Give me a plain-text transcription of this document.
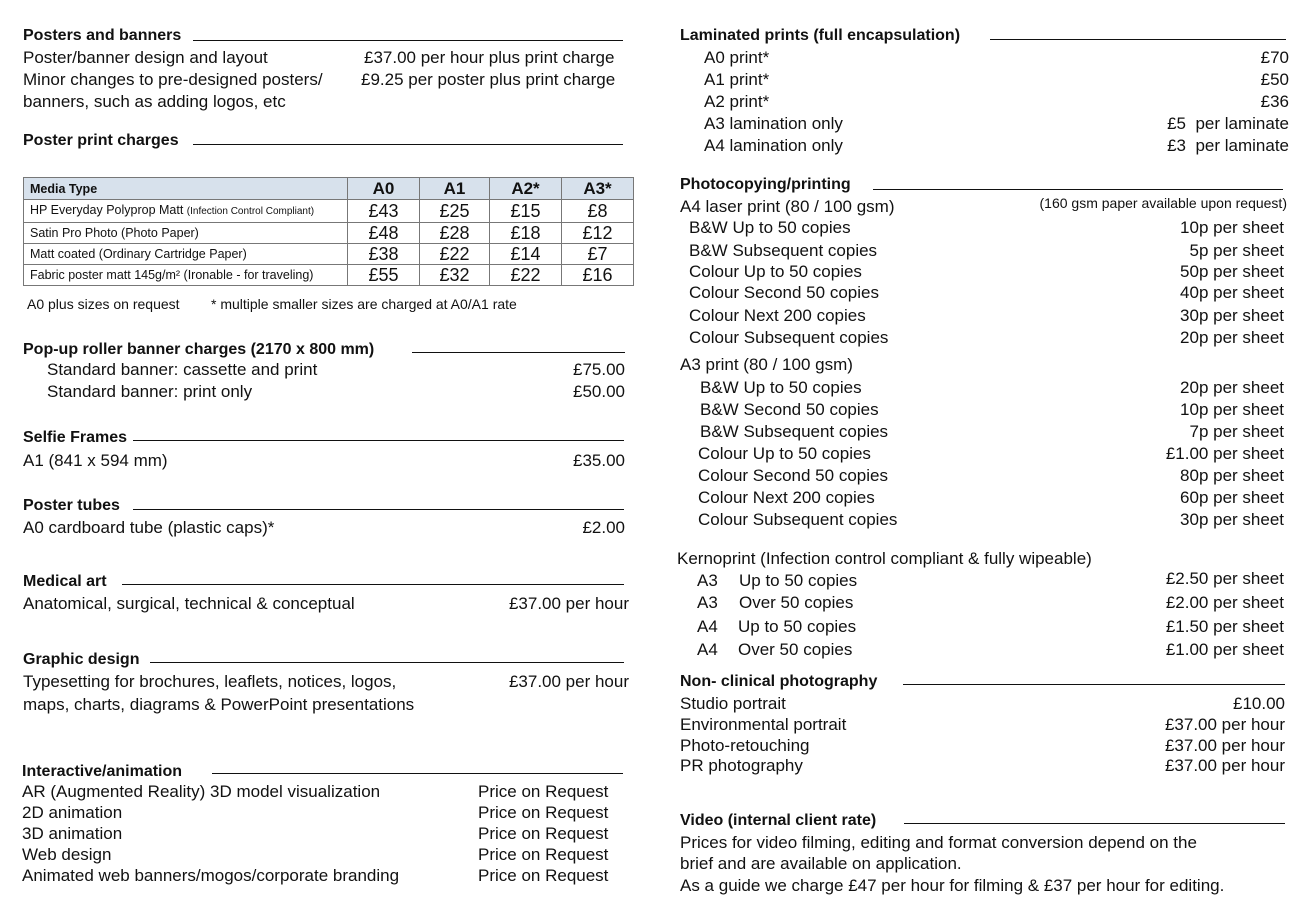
Posters and banners
Poster/banner design and layout	£37.00 per hour plus print charge
Minor changes to pre-designed posters/ £9.25 per poster plus print charge
banners, such as adding logos, etc
Poster print charges
Media Type	A0	A1	A2*	A3*
HP Everyday Polyprop Matt (Infection Control Compliant)	£43	£25	£15	£8
Satin Pro Photo (Photo Paper)	£48	£28	£18	£12
Matt coated (Ordinary Cartridge Paper)	£38	£22	£14	£7
Fabric poster matt 145g/m² (Ironable - for traveling)	£55	£32	£22	£16
A0 plus sizes on request * multiple smaller sizes are charged at A0/A1 rate
Pop-up roller banner charges (2170 x 800 mm)
Standard banner: cassette and print	£75.00
Standard banner: print only	£50.00
Selfie Frames
A1 (841 x 594 mm)	£35.00
Poster tubes
A0 cardboard tube (plastic caps)*	£2.00
Medical art
Anatomical, surgical, technical & conceptual	£37.00 per hour
Graphic design
Typesetting for brochures, leaflets, notices, logos,	£37.00 per hour
maps, charts, diagrams & PowerPoint presentations
Interactive/animation
AR (Augmented Reality) 3D model visualization	Price on Request
2D animation	Price on Request
3D animation	Price on Request
Web design	Price on Request
Animated web banners/mogos/corporate branding	Price on Request
Laminated prints (full encapsulation)
A0 print*	£70
A1 print*	£50
A2 print*	£36
A3 lamination only	£5  per laminate
A4 lamination only	£3  per laminate
Photocopying/printing
A4 laser print (80 / 100 gsm)	(160 gsm paper available upon request)
B&W Up to 50 copies	10p per sheet
B&W Subsequent copies	5p per sheet
Colour Up to 50 copies	50p per sheet
Colour Second 50 copies	40p per sheet
Colour Next 200 copies	30p per sheet
Colour Subsequent copies	20p per sheet
A3 print (80 / 100 gsm)
B&W Up to 50 copies	20p per sheet
B&W Second 50 copies	10p per sheet
B&W Subsequent copies	7p per sheet
Colour Up to 50 copies	£1.00 per sheet
Colour Second 50 copies	80p per sheet
Colour Next 200 copies	60p per sheet
Colour Subsequent copies	30p per sheet
Kernoprint (Infection control compliant & fully wipeable)
A3 Up to 50 copies	£2.50 per sheet
A3 Over 50 copies	£2.00 per sheet
A4 Up to 50 copies	£1.50 per sheet
A4 Over 50 copies	£1.00 per sheet
Non- clinical photography
Studio portrait	£10.00
Environmental portrait	£37.00 per hour
Photo-retouching	£37.00 per hour
PR photography	£37.00 per hour
Video (internal client rate)
Prices for video filming, editing and format conversion depend on the
brief and are available on application.
As a guide we charge £47 per hour for filming & £37 per hour for editing.
